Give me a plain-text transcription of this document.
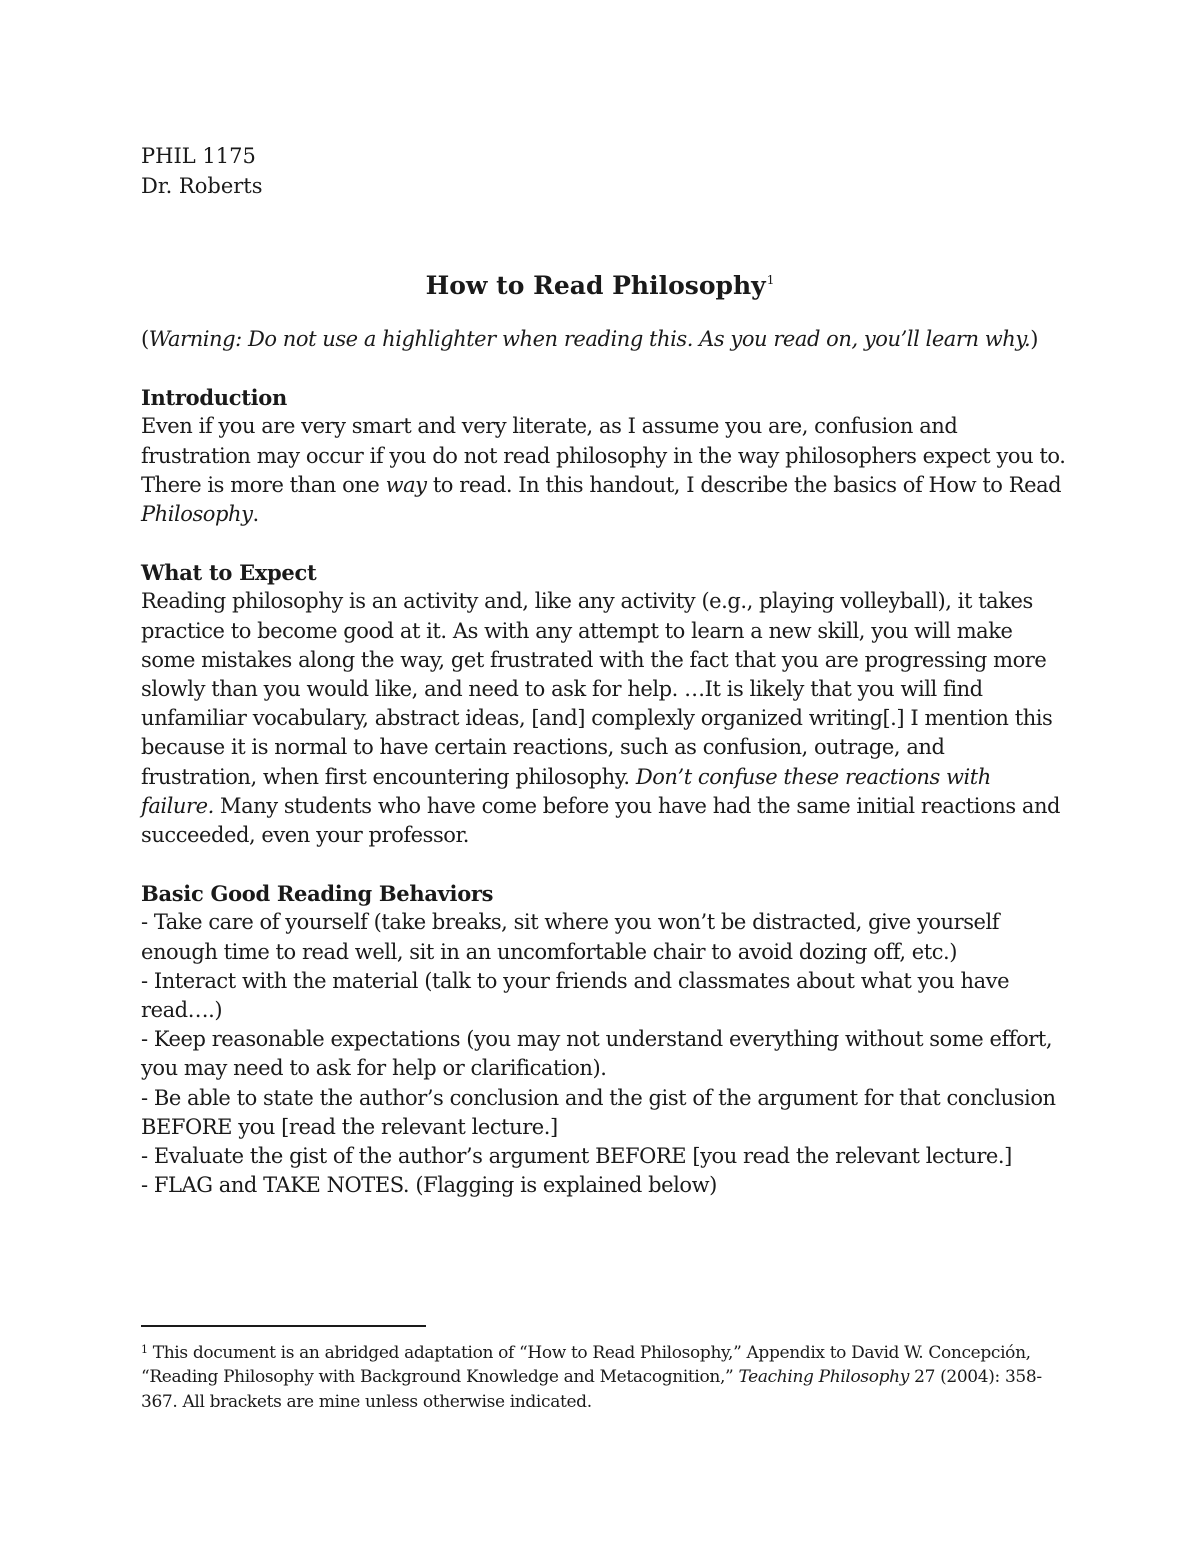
PHIL 1175
Dr. Roberts
How to Read Philosophy$^1$

(Warning: Do not use a highlighter when reading this. As you read on, you’ll learn why.)

Introduction

Even if you are very smart and very literate, as I assume you are, confusion and frustration may occur if you do not read philosophy in the way philosophers expect you to. There is more than one way to read. In this handout, I describe the basics of How to Read Philosophy.

What to Expect

Reading philosophy is an activity and, like any activity (e.g., playing volleyball), it takes practice to become good at it. As with any attempt to learn a new skill, you will make some mistakes along the way, get frustrated with the fact that you are progressing more slowly than you would like, and need to ask for help. …It is likely that you will find unfamiliar vocabulary, abstract ideas, [and] complexly organized writing[.] I mention this because it is normal to have certain reactions, such as confusion, outrage, and frustration, when first encountering philosophy. Don’t confuse these reactions with failure. Many students who have come before you have had the same initial reactions and succeeded, even your professor.

Basic Good Reading Behaviors

- Take care of yourself (take breaks, sit where you won’t be distracted, give yourself enough time to read well, sit in an uncomfortable chair to avoid dozing off, etc.)

- Interact with the material (talk to your friends and classmates about what you have read….)

- Keep reasonable expectations (you may not understand everything without some effort, you may need to ask for help or clarification).

- Be able to state the author’s conclusion and the gist of the argument for that conclusion BEFORE you [read the relevant lecture.]

- Evaluate the gist of the author’s argument BEFORE [you read the relevant lecture.]

- FLAG and TAKE NOTES. (Flagging is explained below)

$^1$ This document is an abridged adaptation of “How to Read Philosophy,” Appendix to David W. Concepción, “Reading Philosophy with Background Knowledge and Metacognition,” Teaching Philosophy 27 (2004): 358-367. All brackets are mine unless otherwise indicated.
